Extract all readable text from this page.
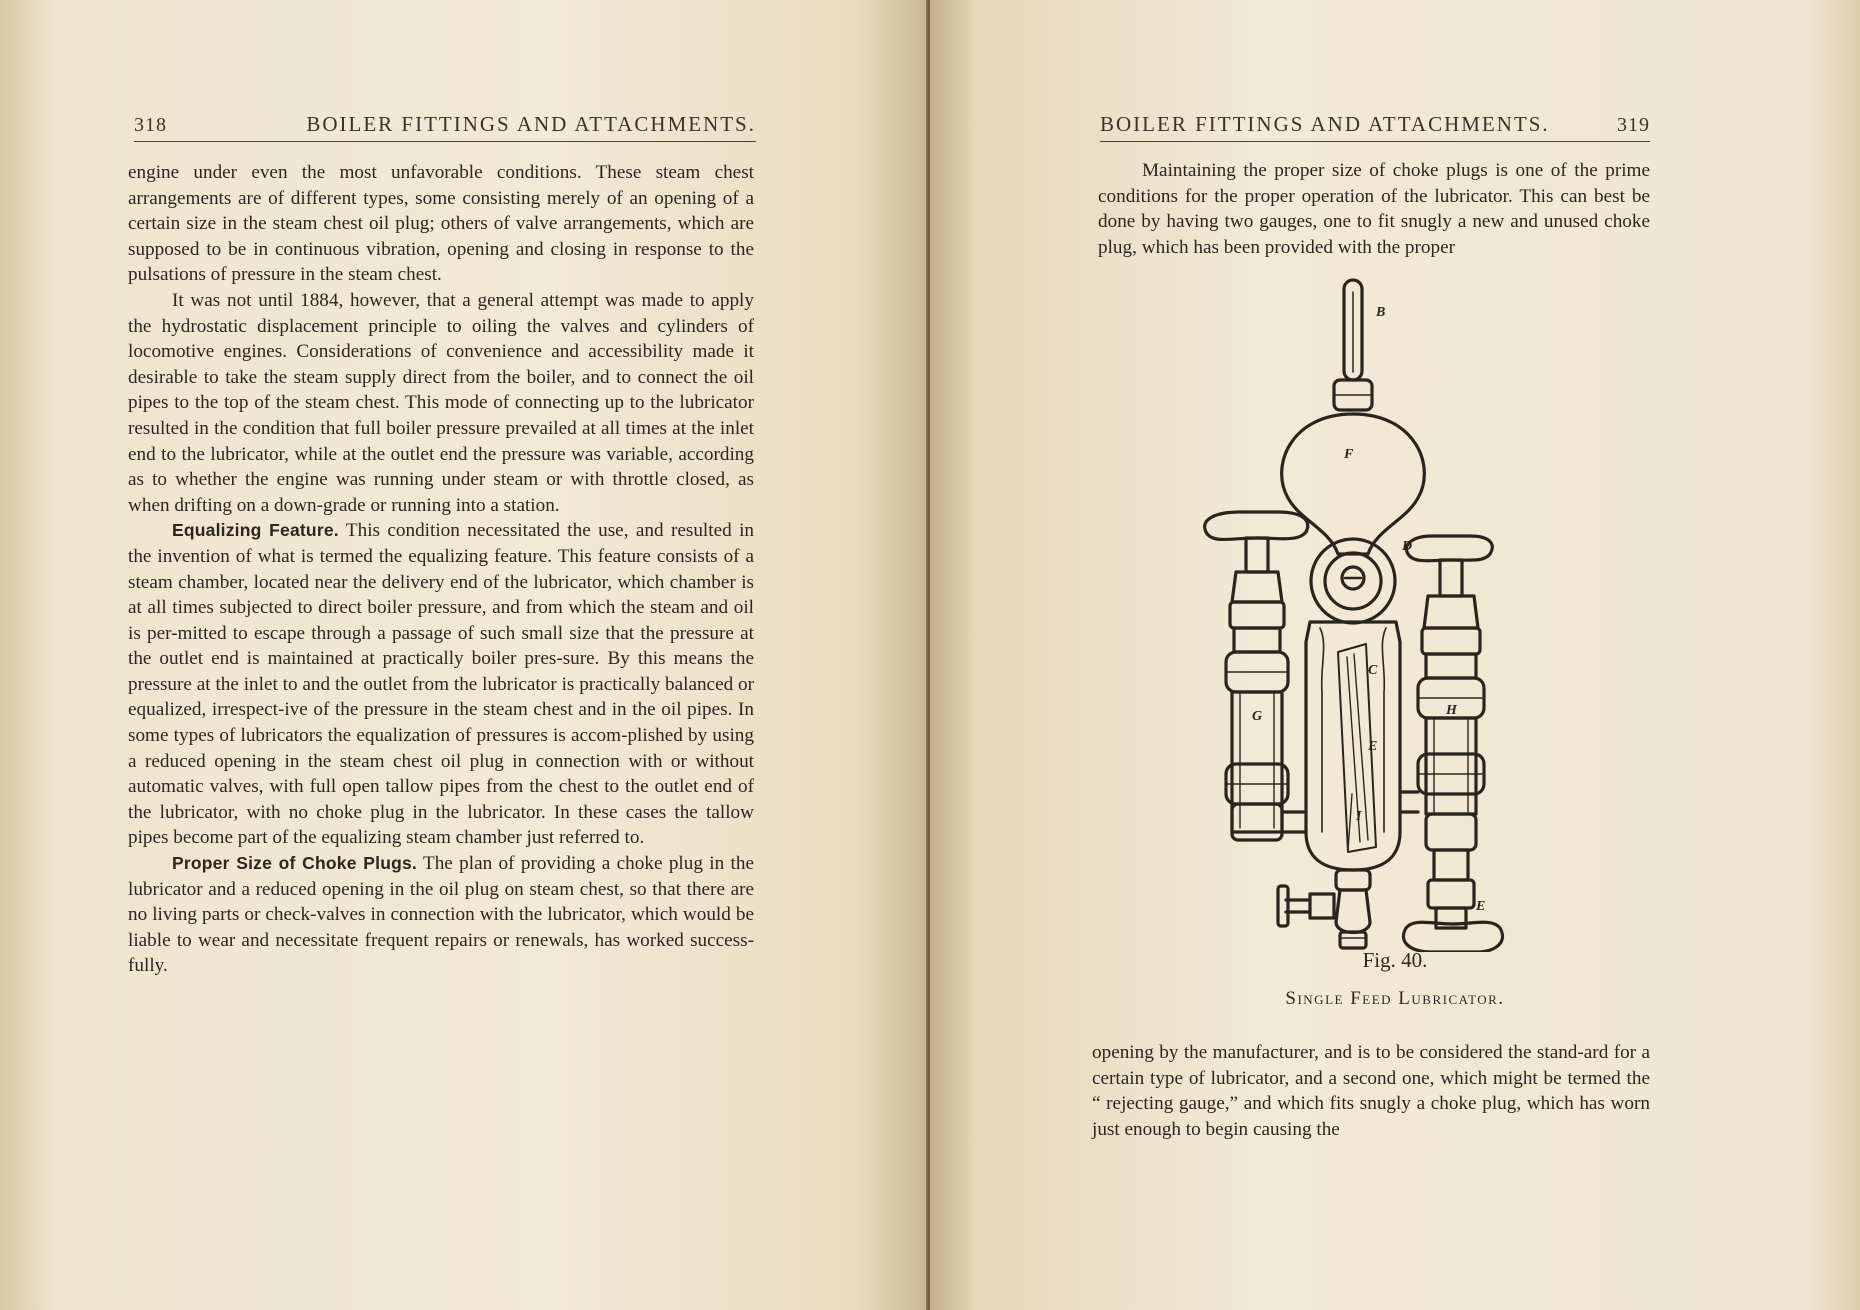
318	BOILER FITTINGS AND ATTACHMENTS.

engine under even the most unfavorable conditions. These steam chest arrangements are of different types, some consisting merely of an opening of a certain size in the steam chest oil plug; others of valve arrangements, which are supposed to be in continuous vibration, opening and closing in response to the pulsations of pressure in the steam chest.

It was not until 1884, however, that a general attempt was made to apply the hydrostatic displacement principle to oiling the valves and cylinders of locomotive engines. Considerations of convenience and accessibility made it desirable to take the steam supply direct from the boiler, and to connect the oil pipes to the top of the steam chest. This mode of connecting up to the lubricator resulted in the condition that full boiler pressure prevailed at all times at the inlet end to the lubricator, while at the outlet end the pressure was variable, according as to whether the engine was running under steam or with throttle closed, as when drifting on a down-grade or running into a station.

Equalizing Feature. This condition necessitated the use, and resulted in the invention of what is termed the equalizing feature. This feature consists of a steam chamber, located near the delivery end of the lubricator, which chamber is at all times subjected to direct boiler pressure, and from which the steam and oil is per-mitted to escape through a passage of such small size that the pressure at the outlet end is maintained at practically boiler pres-sure. By this means the pressure at the inlet to and the outlet from the lubricator is practically balanced or equalized, irrespect-ive of the pressure in the steam chest and in the oil pipes. In some types of lubricators the equalization of pressures is accom-plished by using a reduced opening in the steam chest oil plug in connection with or without automatic valves, with full open tallow pipes from the chest to the outlet end of the lubricator, with no choke plug in the lubricator. In these cases the tallow pipes become part of the equalizing steam chamber just referred to.

Proper Size of Choke Plugs. The plan of providing a choke plug in the lubricator and a reduced opening in the oil plug on steam chest, so that there are no living parts or check-valves in connection with the lubricator, which would be liable to wear and necessitate frequent repairs or renewals, has worked success-fully.

BOILER FITTINGS AND ATTACHMENTS.	319

Maintaining the proper size of choke plugs is one of the prime conditions for the proper operation of the lubricator. This can best be done by having two gauges, one to fit snugly a new and unused choke plug, which has been provided with the proper

B
F
D
C
E
G	H
I
E
Fig. 40.
Single Feed Lubricator.

opening by the manufacturer, and is to be considered the stand-ard for a certain type of lubricator, and a second one, which might be termed the “ rejecting gauge,” and which fits snugly a choke plug, which has worn just enough to begin causing the
